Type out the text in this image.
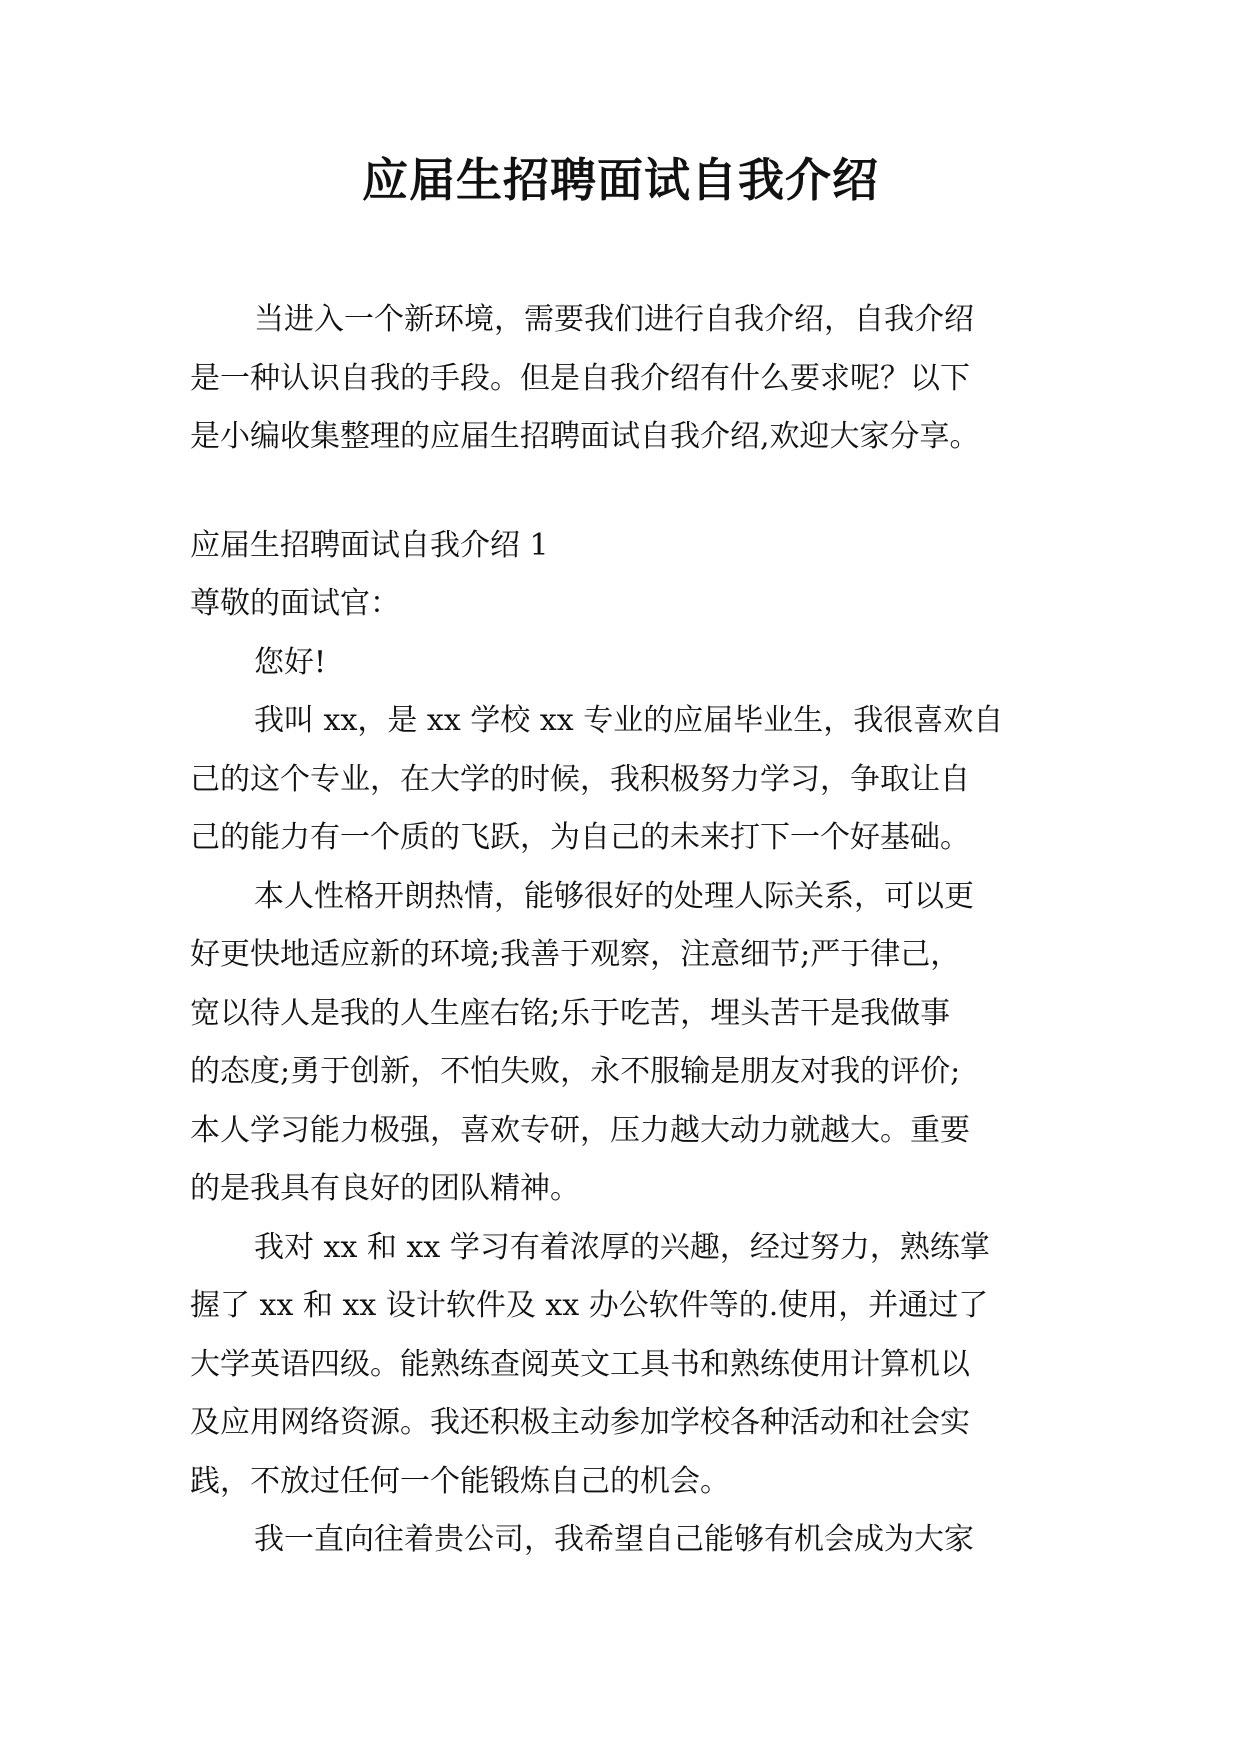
应届生招聘面试自我介绍
当进入一个新环境，需要我们进行自我介绍，自我介绍
是一种认识自我的手段。但是自我介绍有什么要求呢？以下
是小编收集整理的应届生招聘面试自我介绍,欢迎大家分享。
应届生招聘面试自我介绍 1
尊敬的面试官：
您好!
我叫 xx，是 xx 学校 xx 专业的应届毕业生，我很喜欢自
己的这个专业，在大学的时候，我积极努力学习，争取让自
己的能力有一个质的飞跃，为自己的未来打下一个好基础。
本人性格开朗热情，能够很好的处理人际关系，可以更
好更快地适应新的环境;我善于观察，注意细节;严于律己，
宽以待人是我的人生座右铭;乐于吃苦，埋头苦干是我做事
的态度;勇于创新，不怕失败，永不服输是朋友对我的评价;
本人学习能力极强，喜欢专研，压力越大动力就越大。重要
的是我具有良好的团队精神。
我对 xx 和 xx 学习有着浓厚的兴趣，经过努力，熟练掌
握了 xx 和 xx 设计软件及 xx 办公软件等的.使用，并通过了
大学英语四级。能熟练查阅英文工具书和熟练使用计算机以
及应用网络资源。我还积极主动参加学校各种活动和社会实
践，不放过任何一个能锻炼自己的机会。
我一直向往着贵公司，我希望自己能够有机会成为大家
